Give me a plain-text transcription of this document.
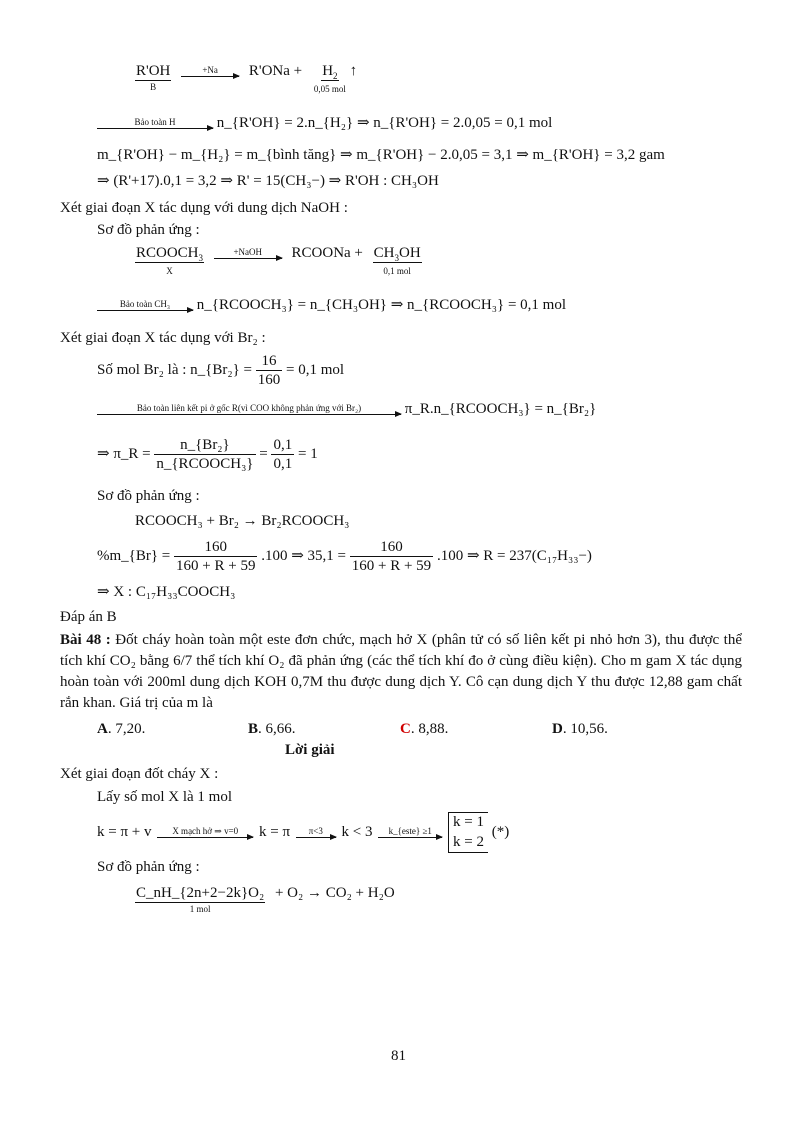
R'OH
B

+Na	$R'ONa + H_2$
0,05 mol
↑
Bảo toàn H	n_{R'OH} = 2.n_{H₂} ⇒ n_{R'OH} = 2.0,05 = 0,1 mol
m_{R'OH} − m_{H₂} = m_{bình tăng} ⇒ m_{R'OH} − 2.0,05 = 3,1 ⇒ m_{R'OH} = 3,2 gam
⇒ (R'+17).0,1 = 3,2 ⇒ R' = 15(CH₃−) ⇒ R'OH : CH₃OH
Xét giai đoạn X tác dụng với dung dịch NaOH :
Sơ đồ phản ứng :
$RCOOCH_3$
X

+NaOH	RCOONa + $CH_3OH$
0,1 mol
Bảo toàn CH₃	n_{RCOOCH₃} = n_{CH₃OH} ⇒ n_{RCOOCH₃} = 0,1 mol
Xét giai đoạn X tác dụng với Br₂ :
Số mol Br₂ là : n_{Br₂} = $\frac{16}{160} = 0,1$ mol
Bảo toàn liên kết pi ở gốc R(vì COO không phản ứng với Br₂)	π_R.n_{RCOOCH₃} = n_{Br₂}
⇒ π_R = $\frac{\text{n\_\{Br₂\}}}{\text{n\_\{RCOOCH₃\}}} = \frac{0,1}{0,1} = 1$
Sơ đồ phản ứng :
RCOOCH₃ + Br₂ → Br₂RCOOCH₃
%m_{Br} = $\frac{160}{160 + R + 59} .100$ ⇒ $35,1 = \frac{160}{160 + R + 59} .100$ ⇒ R = 237(C₁₇H₃₃−)
⇒ X : C₁₇H₃₃COOCH₃
Đáp án B
Bài 48 : Đốt cháy hoàn toàn một este đơn chức, mạch hở X (phân tử có số liên kết pi nhỏ hơn 3), thu được thể tích khí CO₂ bằng 6/7 thể tích khí O₂ đã phản ứng (các thể tích khí đo ở cùng điều kiện). Cho m gam X tác dụng hoàn toàn với 200ml dung dịch KOH 0,7M thu được dung dịch Y. Cô cạn dung dịch Y thu được 12,88 gam chất rắn khan. Giá trị của m là
A. 7,20.	B. 6,66.	C. 8,88.	D. 10,56.
Lời giải
Xét giai đoạn đốt cháy X :
Lấy số mol X là 1 mol
k = π + v	X mạch hở ⇒ v=0	k = π	π<3	k < 3	k_{este} ≥1

k = 1
k = 2
(*)
Sơ đồ phản ứng :
C_nH_{2n+2−2k}O₂
1 mol
+ O₂ → CO₂ + H₂O
81
